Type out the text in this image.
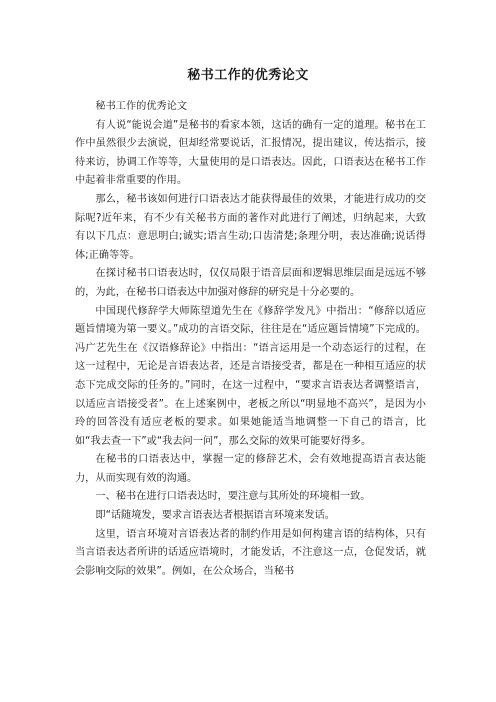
秘书工作的优秀论文

秘书工作的优秀论文

有人说“能说会道”是秘书的看家本领，这话的确有一定的道理。秘书在工作中虽然很少去演说，但却经常要说话，汇报情况，提出建议，传达指示，接待来访，协调工作等等，大量使用的是口语表达。因此，口语表达在秘书工作中起着非常重要的作用。

那么，秘书该如何进行口语表达才能获得最佳的效果，才能进行成功的交际呢?近年来，有不少有关秘书方面的著作对此进行了阐述，归纳起来，大致有以下几点：意思明白;诚实;语言生动;口齿清楚;条理分明，表达准确;说话得体;正确等等。

在探讨秘书口语表达时，仅仅局限于语音层面和逻辑思维层面是远远不够的，为此，在秘书口语表达中加强对修辞的研究是十分必要的。

中国现代修辞学大师陈望道先生在《修辞学发凡》中指出：“修辞以适应题旨情境为第一要义。”成功的言语交际，往往是在“适应题旨情境”下完成的。冯广艺先生在《汉语修辞论》中指出：“语言运用是一个动态运行的过程，在这一过程中，无论是言语表达者，还是言语接受者，都是在一种相互适应的状态下完成交际的任务的。”同时，在这一过程中，“要求言语表达者调整语言，以适应言语接受者”。在上述案例中，老板之所以“明显地不高兴”，是因为小玲的回答没有适应老板的要求。如果她能适当地调整一下自己的语言，比如“我去查一下”或“我去问一问”，那么交际的效果可能要好得多。

在秘书的口语表达中，掌握一定的修辞艺术，会有效地提高语言表达能力，从而实现有效的沟通。

一、秘书在进行口语表达时，要注意与其所处的环境相一致。

即“话随境发，要求言语表达者根据语言环境来发话。

这里，语言环境对言语表达者的制约作用是如何构建言语的结构体，只有当言语表达者所讲的话适应语境时，才能发话，不注意这一点，仓促发话，就会影响交际的效果”。例如，在公众场合，当秘书
